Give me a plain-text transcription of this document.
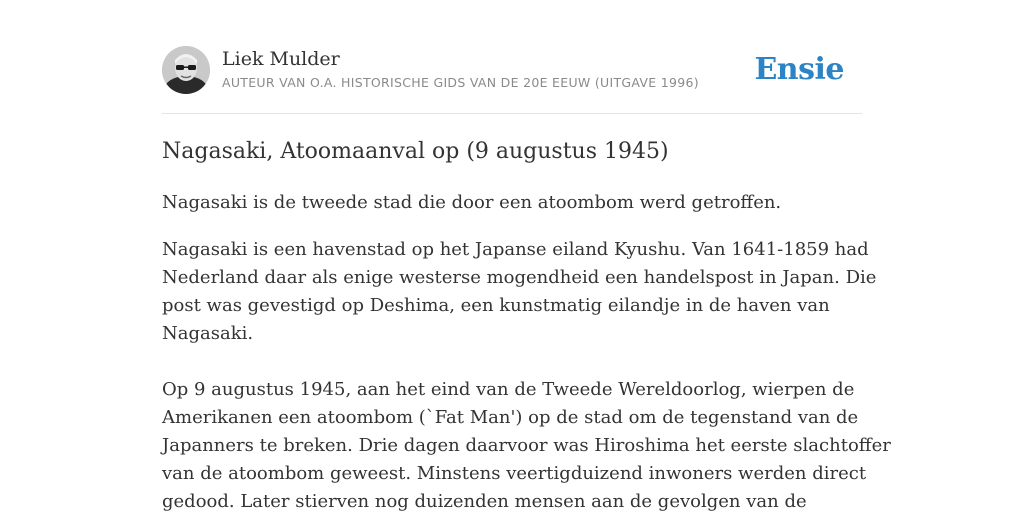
Liek Mulder
AUTEUR VAN O.A. HISTORISCHE GIDS VAN DE 20E EEUW (UITGAVE 1996) Ensie
Nagasaki, Atoomaanval op (9 augustus 1945)

Nagasaki is de tweede stad die door een atoombom werd getroffen.

Nagasaki is een havenstad op het Japanse eiland Kyushu. Van 1641-1859 had
Nederland daar als enige westerse mogendheid een handelspost in Japan. Die
post was gevestigd op Deshima, een kunstmatig eilandje in de haven van
Nagasaki.

Op 9 augustus 1945, aan het eind van de Tweede Wereldoorlog, wierpen de
Amerikanen een atoombom (`Fat Man') op de stad om de tegenstand van de
Japanners te breken. Drie dagen daarvoor was Hiroshima het eerste slachtoffer
van de atoombom geweest. Minstens veertigduizend inwoners werden direct
gedood. Later stierven nog duizenden mensen aan de gevolgen van de
